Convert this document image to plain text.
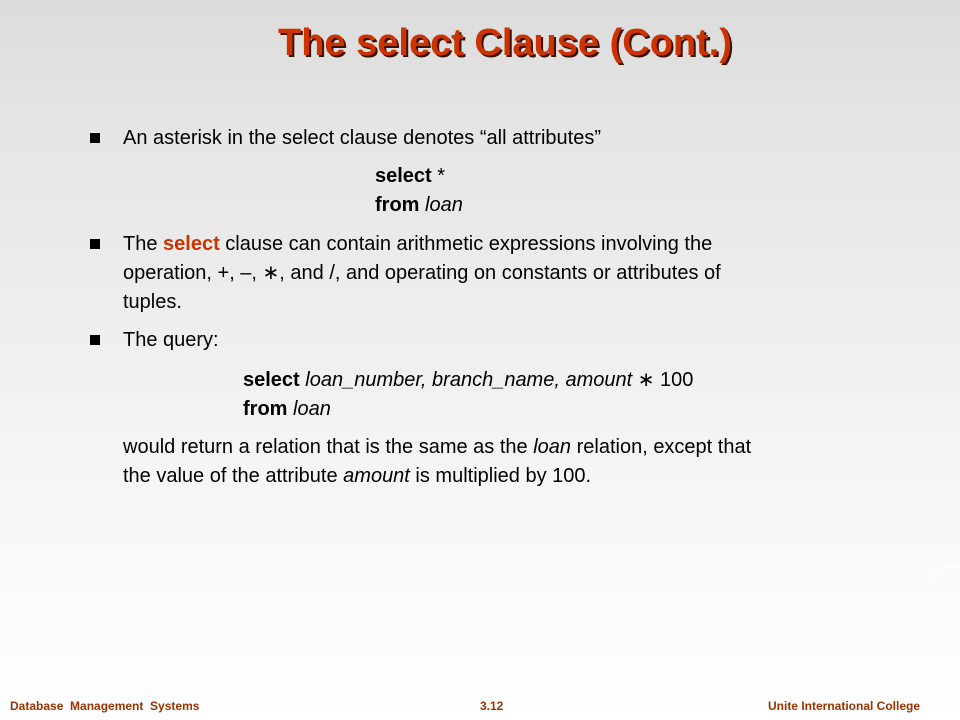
The select Clause (Cont.)
An asterisk in the select clause denotes “all attributes”
select *
from loan
The select clause can contain arithmetic expressions involving the
operation, +, –, ∗, and /, and operating on constants or attributes of
tuples.
The query:
select loan_number, branch_name, amount ∗ 100
from loan
would return a relation that is the same as the loan relation, except that
the value of the attribute amount is multiplied by 100.
Database  Management  Systems	3.12	Unite International College
